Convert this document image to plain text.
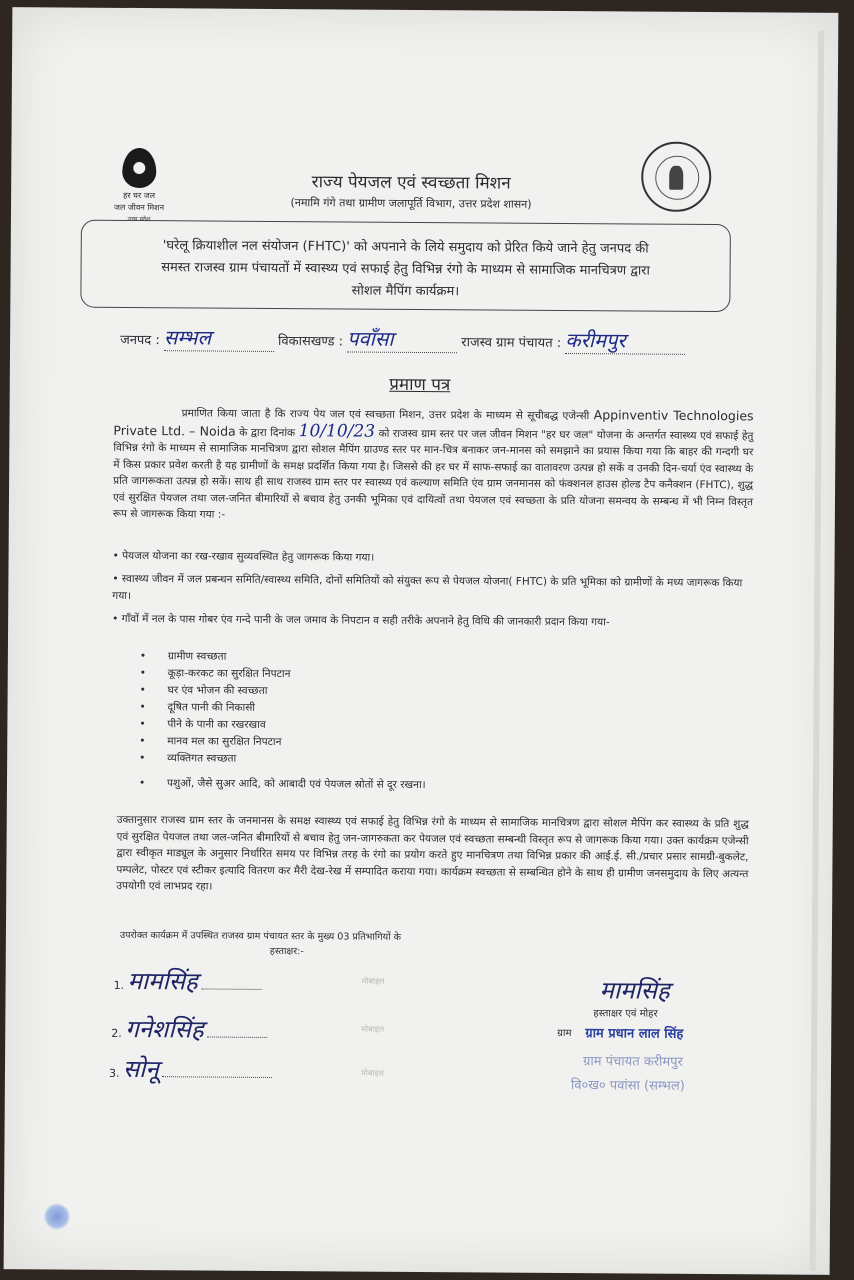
हर घर जल
जल जीवन मिशन
उत्तर प्रदेश
राज्य पेयजल एवं स्वच्छता मिशन
(नमामि गंगे तथा ग्रामीण जलापूर्ति विभाग, उत्तर प्रदेश शासन)
'घरेलू क्रियाशील नल संयोजन (FHTC)' को अपनाने के लिये समुदाय को प्रेरित किये जाने हेतु जनपद की
समस्त राजस्व ग्राम पंचायतों में स्वास्थ्य एवं सफाई हेतु विभिन्न रंगो के माध्यम से सामाजिक मानचित्रण द्वारा
सोशल मैपिंग कार्यक्रम।
जनपद : सम्भल	विकासखण्ड : पवाँसा	राजस्व ग्राम पंचायत : करीमपुर
प्रमाण पत्र
प्रमाणित किया जाता है कि राज्य पेय जल एवं स्वच्छता मिशन, उत्तर प्रदेश के माध्यम से सूचीबद्ध एजेन्सी Appinventiv Technologies Private Ltd. – Noida के द्वारा दिनांक 10/10/23 को राजस्व ग्राम स्तर पर जल जीवन मिशन "हर घर जल" योजना के अन्तर्गत स्वास्थ्य एवं सफाई हेतु विभिन्न रंगो के माध्यम से सामाजिक मानचित्रण द्वारा सोशल मैपिंग ग्राउण्ड स्तर पर मान-चित्र बनाकर जन-मानस को समझाने का प्रयास किया गया कि बाहर की गन्दगी घर में किस प्रकार प्रवेश करती है यह ग्रामीणों के समक्ष प्रदर्शित किया गया है। जिससे की हर घर में साफ-सफाई का वातावरण उत्पन्न हो सकें व उनकी दिन-चर्या एंव स्वास्थ्य के प्रति जागरूकता उत्पन्न हो सकें। साथ ही साथ राजस्व ग्राम स्तर पर स्वास्थ्य एवं कल्याण समिति एंव ग्राम जनमानस को फंक्शनल हाउस होल्ड टैप कनैक्शन (FHTC), शुद्ध एवं सुरक्षित पेयजल तथा जल-जनित बीमारियों से बचाव हेतु उनकी भूमिका एवं दायित्वों तथा पेयजल एवं स्वच्छता के प्रति योजना समन्वय के सम्बन्ध में भी निम्न विस्तृत रूप से जागरूक किया गया :-
• पेयजल योजना का रख-रखाव सुव्यवस्थित हेतु जागरूक किया गया।
• स्वास्थ्य जीवन में जल प्रबन्धन समिति/स्वास्थ्य समिति, दोनों समितियों को संयुक्त रूप से पेयजल योजना( FHTC) के प्रति भूमिका को ग्रामीणों के मध्य जागरूक किया गया।
• गाँवों में नल के पास गोबर एंव गन्दे पानी के जल जमाव के निपटान व सही तरीके अपनाने हेतु विधि की जानकारी प्रदान किया गया-
•	ग्रामीण स्वच्छता
•	कूड़ा-करकट का सुरक्षित निपटान
•	घर एंव भोजन की स्वच्छता
•	दूषित पानी की निकासी
•	पीने के पानी का रखरखाव
•	मानव मल का सुरक्षित निपटान
•	व्यक्तिगत स्वच्छता
•	पशुओं, जैसे सुअर आदि, को आबादी एवं पेयजल स्रोतों से दूर रखना।
उक्तानुसार राजस्व ग्राम स्तर के जनमानस के समक्ष स्वास्थ्य एवं सफाई हेतु विभिन्न रंगो के माध्यम से सामाजिक मानचित्रण द्वारा सोशल मैपिंग कर स्वास्थ्य के प्रति शुद्ध एवं सुरक्षित पेयजल तथा जल-जनित बीमारियों से बचाव हेतु जन-जागरुकता कर पेयजल एवं स्वच्छता सम्बन्धी विस्तृत रूप से जागरूक किया गया। उक्त कार्यक्रम एजेन्सी द्वारा स्वीकृत माड्यूल के अनुसार निर्धारित समय पर विभिन्न तरह के रंगो का प्रयोग करते हुए मानचित्रण तथा विभिन्न प्रकार की आई.ई. सी./प्रचार प्रसार सामग्री-बुकलेट, पम्पलेट, पोस्टर एवं स्टीकर इत्यादि वितरण कर मैरी देख-रेख में सम्पादित कराया गया। कार्यक्रम स्वच्छता से सम्बन्धित होने के साथ ही ग्रामीण जनसमुदाय के लिए अत्यन्त उपयोगी एवं लाभप्रद रहा।
उपरोक्त कार्यक्रम में उपस्थित राजस्व ग्राम पंचायत स्तर के मुख्य 03 प्रतिभागियों के
हस्ताक्षर:-
1. मामसिंह	मोबाइल
2. गनेशसिंह	मोबाइल
3. सोनू	मोबाइल
मामसिंह
हस्ताक्षर एवं मोहर
ग्राम ग्राम प्रधान लाल सिंह
ग्राम पंचायत करीमपुर
वि०ख० पवांसा (सम्भल)
